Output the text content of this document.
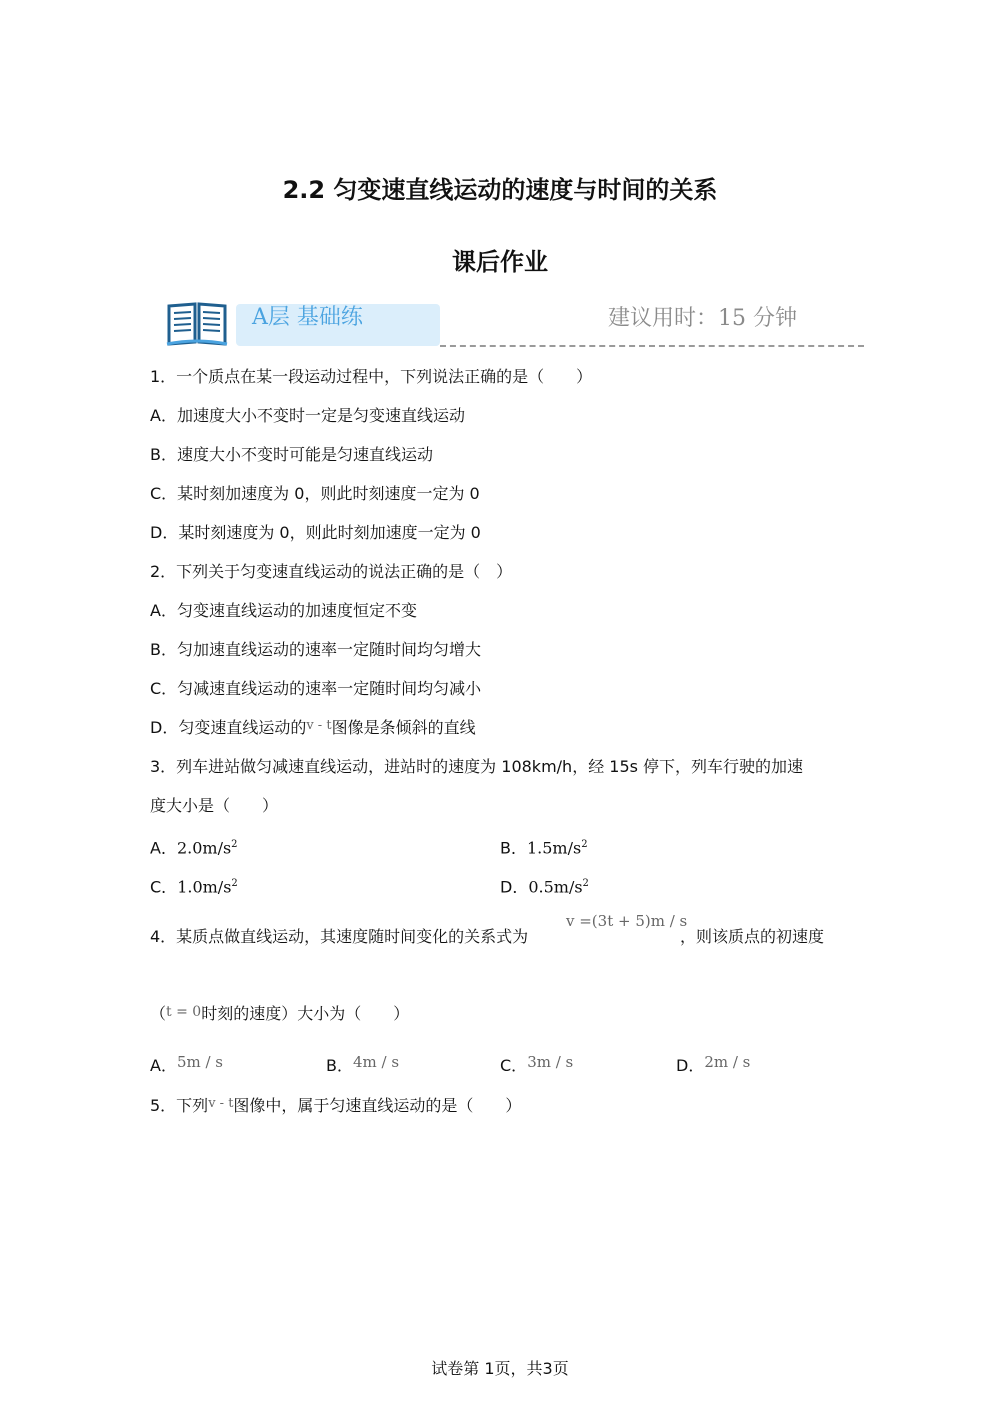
2.2 匀变速直线运动的速度与时间的关系
课后作业
A层 基础练	建议用时：15 分钟
1．一个质点在某一段运动过程中，下列说法正确的是（　　）
A．加速度大小不变时一定是匀变速直线运动
B．速度大小不变时可能是匀速直线运动
C．某时刻加速度为 0，则此时刻速度一定为 0
D．某时刻速度为 0，则此时刻加速度一定为 0
2．下列关于匀变速直线运动的说法正确的是（　）
A．匀变速直线运动的加速度恒定不变
B．匀加速直线运动的速率一定随时间均匀增大
C．匀减速直线运动的速率一定随时间均匀减小
D．匀变速直线运动的$^{v - t}$图像是条倾斜的直线
3．列车进站做匀减速直线运动，进站时的速度为 108km/h，经 15s 停下，列车行驶的加速
度大小是（　　）
A．$2.0m/s^2$	B．$1.5m/s^2$
C．$1.0m/s^2$	D．$0.5m/s^2$
4．某质点做直线运动，其速度随时间变化的关系式为
v =(3t + 5)m / s
，则该质点的初速度
（t = 0时刻的速度）大小为（　　）
A．5m / s	B．4m / s	C．3m / s	D．2m / s
5．下列$^{v - t}$图像中，属于匀速直线运动的是（　　）
试卷第 1页，共3页
